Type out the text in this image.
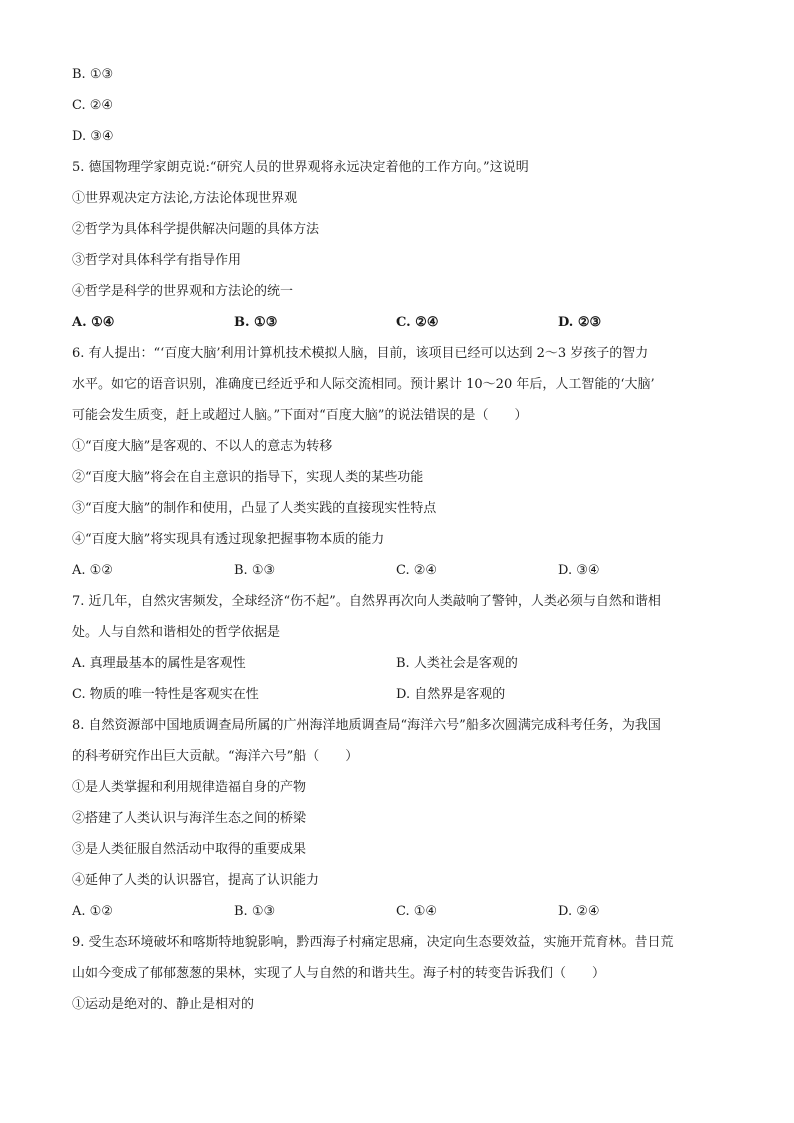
B. ①③
C. ②④
D. ③④
5. 德国物理学家朗克说:“研究人员的世界观将永远决定着他的工作方向。”这说明
①世界观决定方法论,方法论体现世界观
②哲学为具体科学提供解决问题的具体方法
③哲学对具体科学有指导作用
④哲学是科学的世界观和方法论的统一
A. ①④	B. ①③	C. ②④	D. ②③
6. 有人提出：“‘百度大脑’利用计算机技术模拟人脑，目前，该项目已经可以达到 2～3 岁孩子的智力
水平。如它的语音识别，准确度已经近乎和人际交流相同。预计累计 10～20 年后，人工智能的‘大脑’
可能会发生质变，赶上或超过人脑。”下面对“百度大脑”的说法错误的是（　　）
①“百度大脑”是客观的、不以人的意志为转移
②“百度大脑”将会在自主意识的指导下，实现人类的某些功能
③“百度大脑”的制作和使用，凸显了人类实践的直接现实性特点
④“百度大脑”将实现具有透过现象把握事物本质的能力
A. ①②	B. ①③	C. ②④	D. ③④
7. 近几年，自然灾害频发，全球经济“伤不起”。自然界再次向人类敲响了警钟，人类必须与自然和谐相
处。人与自然和谐相处的哲学依据是
A. 真理最基本的属性是客观性	B. 人类社会是客观的
C. 物质的唯一特性是客观实在性	D. 自然界是客观的
8. 自然资源部中国地质调查局所属的广州海洋地质调查局“海洋六号”船多次圆满完成科考任务，为我国
的科考研究作出巨大贡献。“海洋六号”船（　　）
①是人类掌握和利用规律造福自身的产物
②搭建了人类认识与海洋生态之间的桥梁
③是人类征服自然活动中取得的重要成果
④延伸了人类的认识器官，提高了认识能力
A. ①②	B. ①③	C. ①④	D. ②④
9. 受生态环境破坏和喀斯特地貌影响，黔西海子村痛定思痛，决定向生态要效益，实施开荒育林。昔日荒
山如今变成了郁郁葱葱的果林，实现了人与自然的和谐共生。海子村的转变告诉我们（　　）
①运动是绝对的、静止是相对的
